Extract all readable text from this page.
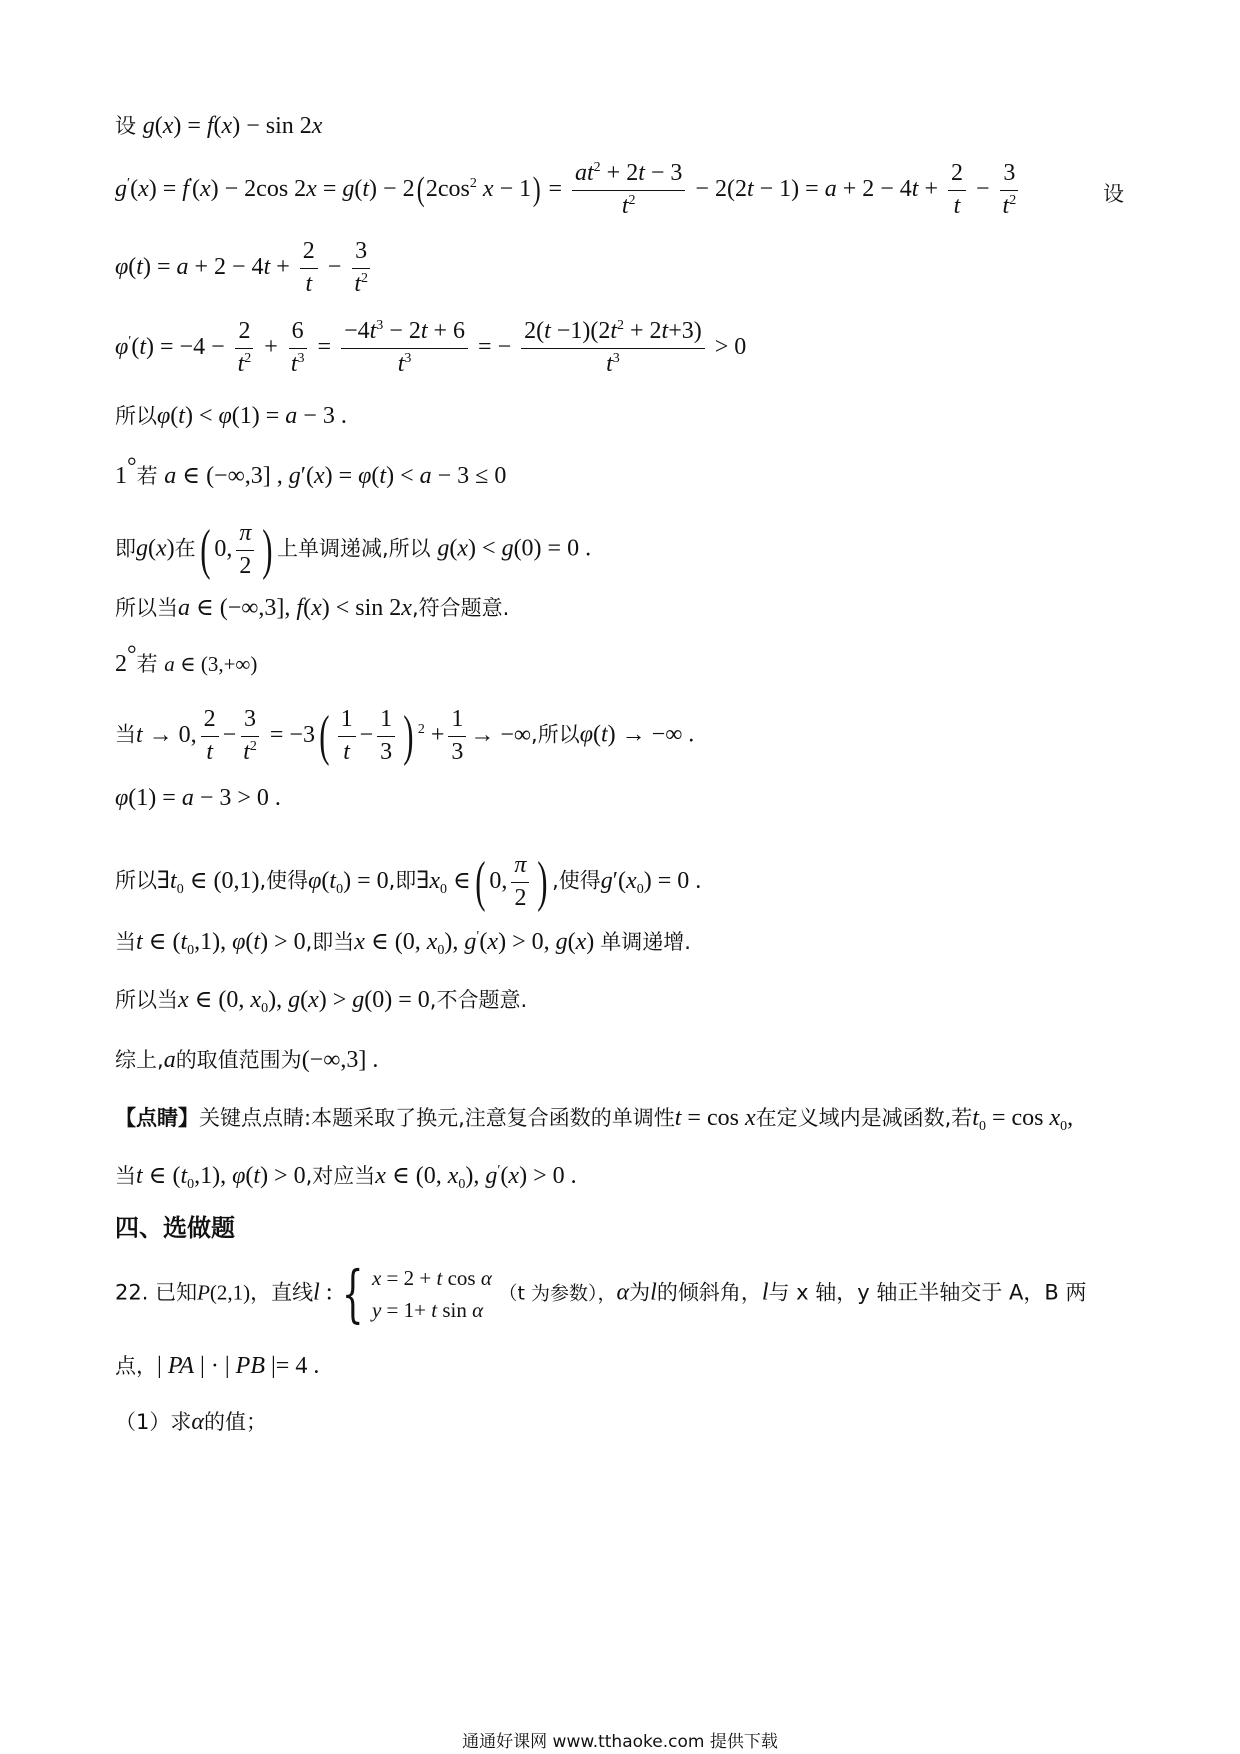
设 g(x) = f(x) − sin 2x
g′(x) = f′(x) − 2cos $2x = g(t) - 2(2\cos^2$ $x - 1) = \frac{at^2 + 2t - 3}{t^2} - 2(2t - 1) = a + 2 - 4t + \frac{2}{t} - \frac{3}{t^2}$	设
$\varphi(t) = a + 2 - 4t + \frac{2}{t} - \frac{3}{t^2}$
$\varphi'(t) = -4 - \frac{2}{t^2} + \frac{6}{t^3} = \frac{-4t^3 - 2t + 6}{t^3}$ = − $\frac{2(t -1)(2t^2 + 2t+3)}{t^3} > 0$
所以φ(t) < φ(1) = a − 3 .
1°若 a ∈ (−∞,3] , g′(x) = φ(t) < a − 3 ≤ 0
即g(x)在( 0, $\frac{\pi}{2}$ ) 上单调递减,所以 g(x) < g(0) = 0 .
所以当a ∈ (−∞,3], f(x) < sin 2x,符合题意.
2°若 a ∈ (3,+∞)
当t → 0, $\frac{2}{t} - \frac{3}{t^2} = -3( \frac{1}{t} - \frac{1}{3}$ ) $^2 + \frac{1}{3}$ → −∞,所以φ(t) → −∞ .
φ(1) = a − 3 > 0 .
所以$\exists t_0$ ∈ (0,1),使得$\varphi(t_0) = 0$,即$\exists x_0$ ∈( 0, $\frac{\pi}{2}$ ) ,使得$g'(x_0) = 0$ .
当t ∈ $(t_0,1)$, φ(t) > 0,即当x ∈ (0, $x_0$), g′(x) > 0, g(x) 单调递增.
所以当x ∈ (0, $x_0$), g(x) > g(0) = 0,不合题意.
综上,a的取值范围为(−∞,3] .
【点睛】关键点点睛:本题采取了换元,注意复合函数的单调性t = cos x在定义域内是减函数,若$t_0 = \cos x_0$,
当t ∈ $(t_0,1)$, φ(t) > 0,对应当x ∈ (0, $x_0$), g′(x) > 0 .
四、选做题
22. 已知P(2,1)，直线l : { x = 2 + t cos α
y = 1+ t sin α
（t 为参数），α为l的倾斜角，l与 x 轴，y 轴正半轴交于 A，B 两
点，| PA | · | PB |= 4 .
（1）求α的值；
通通好课网 www.tthaoke.com 提供下载
